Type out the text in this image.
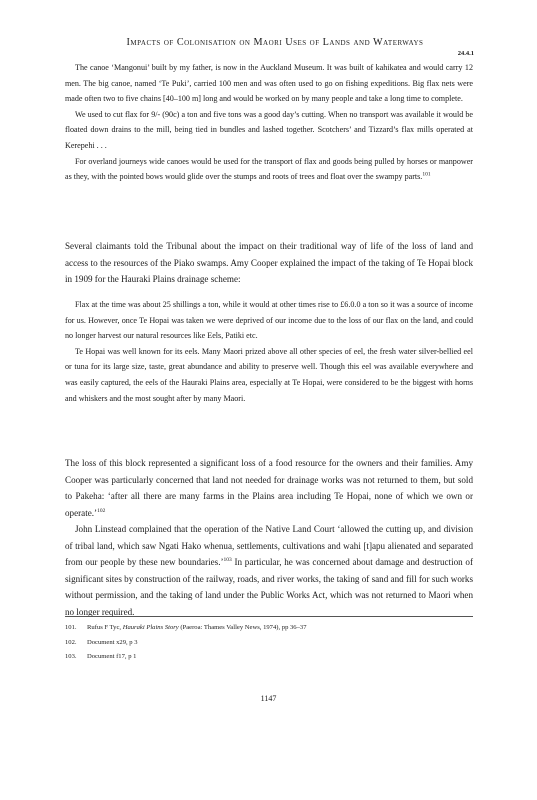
Impacts of Colonisation on Maori Uses of Lands and Waterways
24.4.1

The canoe ‘Mangonui’ built by my father, is now in the Auckland Museum. It was built of kahikatea and would carry 12 men. The big canoe, named ‘Te Puki’, carried 100 men and was often used to go on fishing expeditions. Big flax nets were made often two to five chains [40–100 m] long and would be worked on by many people and take a long time to complete.

We used to cut flax for 9/- (90c) a ton and five tons was a good day’s cutting. When no transport was available it would be floated down drains to the mill, being tied in bundles and lashed together. Scotchers’ and Tizzard’s flax mills operated at Kerepehi . . .

For overland journeys wide canoes would be used for the transport of flax and goods being pulled by horses or manpower as they, with the pointed bows would glide over the stumps and roots of trees and float over the swampy parts.$^{101}$

Several claimants told the Tribunal about the impact on their traditional way of life of the loss of land and access to the resources of the Piako swamps. Amy Cooper explained the impact of the taking of Te Hopai block in 1909 for the Hauraki Plains drainage scheme:

Flax at the time was about 25 shillings a ton, while it would at other times rise to £6.0.0 a ton so it was a source of income for us. However, once Te Hopai was taken we were deprived of our income due to the loss of our flax on the land, and could no longer harvest our natural resources like Eels, Patiki etc.

Te Hopai was well known for its eels. Many Maori prized above all other species of eel, the fresh water silver-bellied eel or tuna for its large size, taste, great abundance and ability to preserve well. Though this eel was available everywhere and was easily captured, the eels of the Hauraki Plains area, especially at Te Hopai, were considered to be the biggest with horns and whiskers and the most sought after by many Maori.

The loss of this block represented a significant loss of a food resource for the owners and their families. Amy Cooper was particularly concerned that land not needed for drainage works was not returned to them, but sold to Pakeha: ‘after all there are many farms in the Plains area including Te Hopai, none of which we own or operate.’$^{102}$

John Linstead complained that the operation of the Native Land Court ‘allowed the cutting up, and division of tribal land, which saw Ngati Hako whenua, settlements, cultivations and wahi [t]apu alienated and separated from our people by these new boundaries.’$^{103}$ In particular, he was concerned about damage and destruction of significant sites by construction of the railway, roads, and river works, the taking of sand and fill for such works without permission, and the taking of land under the Public Works Act, which was not returned to Maori when no longer required.

101. Rufus F Tyc, Hauraki Plains Story (Paeroa: Thames Valley News, 1974), pp 36–37
102. Document x29, p 3
103. Document f17, p 1
1147
